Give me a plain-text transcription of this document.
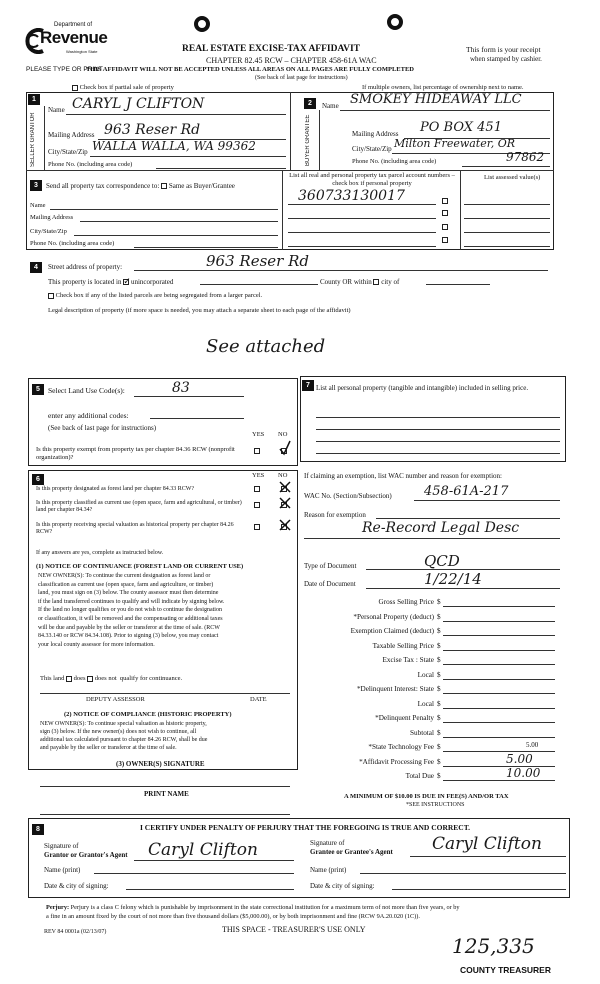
Department of
Revenue
Washington State
PLEASE TYPE OR PRINT
REAL ESTATE EXCISE-TAX AFFIDAVIT
CHAPTER 82.45 RCW – CHAPTER 458-61A WAC
This form is your receipt
when stamped by cashier.
THIS AFFIDAVIT WILL NOT BE ACCEPTED UNLESS ALL AREAS ON ALL PAGES ARE FULLY COMPLETED
(See back of last page for instructions)
Check box if partial sale of property	If multiple owners, list percentage of ownership next to name.
1
SELLER GRANTOR
Name CARYL J CLIFTON
Mailing Address 963 Reser Rd
City/State/Zip WALLA WALLA, WA 99362
Phone No. (including area code)
2
BUYER GRANTEE
Name SMOKEY HIDEAWAY LLC
Mailing Address PO BOX 451
City/State/Zip Milton Freewater, OR
Phone No. (including area code)	97862
3	Send all property tax correspondence to: Same as Buyer/Grantee
Name
Mailing Address
City/State/Zip
Phone No. (including area code)
List all real and personal property tax parcel account numbers – check box if personal property
List assessed value(s)
360733130017
4	Street address of property:	963 Reser Rd
This property is located in ✓ unincorporated	County OR within city of
Check box if any of the listed parcels are being segregated from a larger parcel.
Legal description of property (if more space is needed, you may attach a separate sheet to each page of the affidavit)
See attached
5	Select Land Use Code(s):	83
enter any additional codes:
(See back of last page for instructions)
YES NO
Is this property exempt from property tax per chapter 84.36 RCW (nonprofit organization)?
6
YES NO
Is this property designated as forest land per chapter 84.33 RCW?
Is this property classified as current use (open space, farm and agricultural, or timber) land per chapter 84.34?
Is this property receiving special valuation as historical property per chapter 84.26 RCW?
If any answers are yes, complete as instructed below.
(1) NOTICE OF CONTINUANCE (FOREST LAND OR CURRENT USE)
NEW OWNER(S): To continue the current designation as forest land or
classification as current use (open space, farm and agriculture, or timber)
land, you must sign on (3) below. The county assessor must then determine
if the land transferred continues to qualify and will indicate by signing below.
If the land no longer qualifies or you do not wish to continue the designation
or classification, it will be removed and the compensating or additional taxes
will be due and payable by the seller or transferor at the time of sale. (RCW
84.33.140 or RCW 84.34.108). Prior to signing (3) below, you may contact
your local county assessor for more information.
This land does does not qualify for continuance.
DEPUTY ASSESSOR	DATE
(2) NOTICE OF COMPLIANCE (HISTORIC PROPERTY)
NEW OWNER(S): To continue special valuation as historic property,
sign (3) below. If the new owner(s) does not wish to continue, all
additional tax calculated pursuant to chapter 84.26 RCW, shall be due
and payable by the seller or transferor at the time of sale.
(3) OWNER(S) SIGNATURE
PRINT NAME
7 List all personal property (tangible and intangible) included in selling price.
If claiming an exemption, list WAC number and reason for exemption:
WAC No. (Section/Subsection) 458-61A-217
Reason for exemption
Re-Record Legal Desc
Type of Document	QCD
Date of Document	1/22/14
Gross Selling Price $
*Personal Property (deduct) $
Exemption Claimed (deduct) $
Taxable Selling Price $
Excise Tax : State $
Local $
*Delinquent Interest: State $
Local $
*Delinquent Penalty $
Subtotal $
*State Technology Fee $	5.00
*Affidavit Processing Fee $	5.00
Total Due $	10.00
A MINIMUM OF $10.00 IS DUE IN FEE(S) AND/OR TAX
*SEE INSTRUCTIONS
8	I CERTIFY UNDER PENALTY OF PERJURY THAT THE FOREGOING IS TRUE AND CORRECT.
Signature of
Grantor or Grantor's Agent Caryl Clifton
Name (print)
Date & city of signing:
Signature of
Grantee or Grantee's Agent Caryl Clifton
Name (print)
Date & city of signing:
Perjury: Perjury is a class C felony which is punishable by imprisonment in the state correctional institution for a maximum term of not more than five years, or by
a fine in an amount fixed by the court of not more than five thousand dollars ($5,000.00), or by both imprisonment and fine (RCW 9A.20.020 (1C)).
REV 84 0001a (02/13/07)	THIS SPACE - TREASURER'S USE ONLY
125,335
COUNTY TREASURER
